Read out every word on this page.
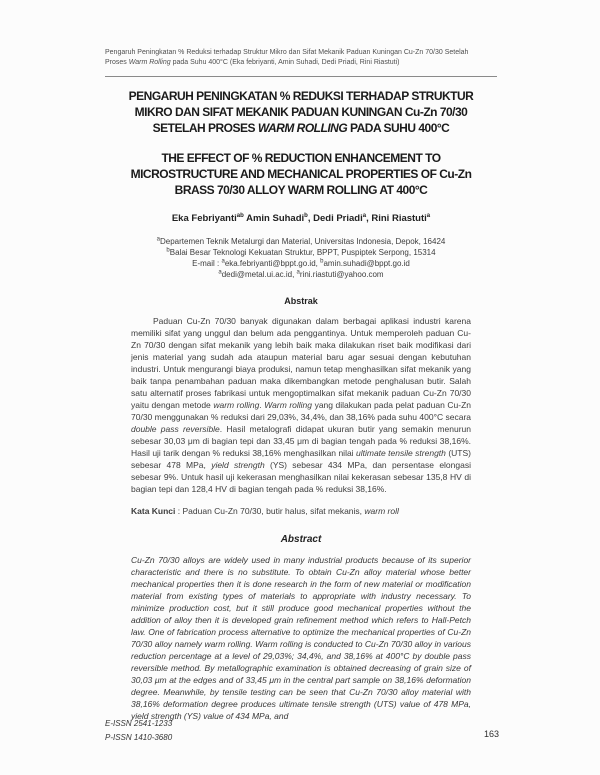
Pengaruh Peningkatan % Reduksi terhadap Struktur Mikro dan Sifat Mekanik Paduan Kuningan Cu-Zn 70/30 Setelah
Proses Warm Rolling pada Suhu 400°C (Eka febriyanti, Amin Suhadi, Dedi Priadi, Rini Riastuti)
PENGARUH PENINGKATAN % REDUKSI TERHADAP STRUKTUR
MIKRO DAN SIFAT MEKANIK PADUAN KUNINGAN Cu-Zn 70/30
SETELAH PROSES WARM ROLLING PADA SUHU 400°C
THE EFFECT OF % REDUCTION ENHANCEMENT TO
MICROSTRUCTURE AND MECHANICAL PROPERTIES OF Cu-Zn
BRASS 70/30 ALLOY WARM ROLLING AT 400°C
Eka Febriyanti$^{ab}$ Amin Suhadi$^b$, Dedi Priadi$^a$, Rini Riastuti$^a$
$^a$Departemen Teknik Metalurgi dan Material, Universitas Indonesia, Depok, 16424
$^b$Balai Besar Teknologi Kekuatan Struktur, BPPT, Puspiptek Serpong, 15314
E-mail : $^a$eka.febriyanti@bppt.go.id, $^b$amin.suhadi@bppt.go.id
$^a$dedi@metal.ui.ac.id, $^a$rini.riastuti@yahoo.com
Abstrak

Paduan Cu-Zn 70/30 banyak digunakan dalam berbagai aplikasi industri karena memiliki sifat yang unggul dan belum ada penggantinya. Untuk memperoleh paduan Cu-Zn 70/30 dengan sifat mekanik yang lebih baik maka dilakukan riset baik modifikasi dari jenis material yang sudah ada ataupun material baru agar sesuai dengan kebutuhan industri. Untuk mengurangi biaya produksi, namun tetap menghasilkan sifat mekanik yang baik tanpa penambahan paduan maka dikembangkan metode penghalusan butir. Salah satu alternatif proses fabrikasi untuk mengoptimalkan sifat mekanik paduan Cu-Zn 70/30 yaitu dengan metode warm rolling. Warm rolling yang dilakukan pada pelat paduan Cu-Zn 70/30 menggunakan % reduksi dari 29,03%, 34,4%, dan 38,16% pada suhu 400°C secara double pass reversible. Hasil metalografi didapat ukuran butir yang semakin menurun sebesar 30,03 μm di bagian tepi dan 33,45 μm di bagian tengah pada % reduksi 38,16%. Hasil uji tarik dengan % reduksi 38,16% menghasilkan nilai ultimate tensile strength (UTS) sebesar 478 MPa, yield strength (YS) sebesar 434 MPa, dan persentase elongasi sebesar 9%. Untuk hasil uji kekerasan menghasilkan nilai kekerasan sebesar 135,8 HV di bagian tepi dan 128,4 HV di bagian tengah pada % reduksi 38,16%.

Kata Kunci : Paduan Cu-Zn 70/30, butir halus, sifat mekanis, warm roll

Abstract

Cu-Zn 70/30 alloys are widely used in many industrial products because of its superior characteristic and there is no substitute. To obtain Cu-Zn alloy material whose better mechanical properties then it is done research in the form of new material or modification material from existing types of materials to appropriate with industry necessary. To minimize production cost, but it still produce good mechanical properties without the addition of alloy then it is developed grain refinement method which refers to Hall-Petch law. One of fabrication process alternative to optimize the mechanical properties of Cu-Zn 70/30 alloy namely warm rolling. Warm rolling is conducted to Cu-Zn 70/30 alloy in various reduction percentage at a level of 29,03%; 34,4%, and 38,16% at 400°C by double pass reversible method. By metallographic examination is obtained decreasing of grain size of 30,03 μm at the edges and of 33,45 μm in the central part sample on 38,16% deformation degree. Meanwhile, by tensile testing can be seen that Cu-Zn 70/30 alloy material with 38,16% deformation degree produces ultimate tensile strength (UTS) value of 478 MPa, yield strength (YS) value of 434 MPa, and

E-ISSN 2541-1233
P-ISSN 1410-3680	163
